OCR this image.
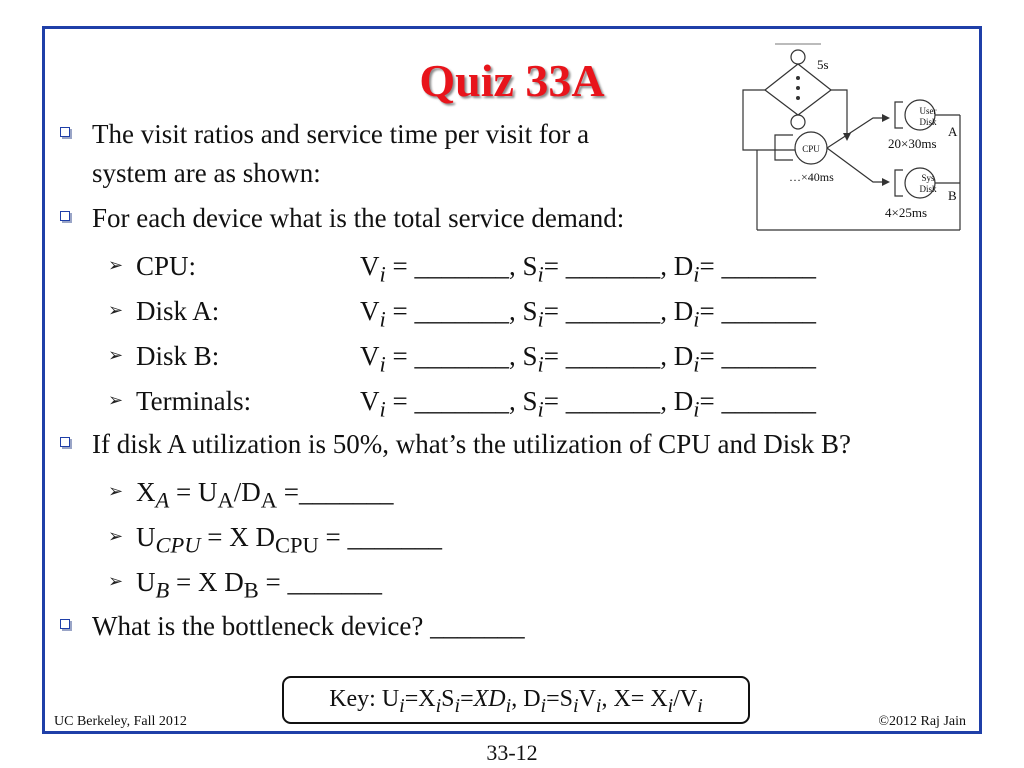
Quiz 33A	5s
CPU
…×40ms
User
Disk
A
20×30ms
Sys
Disk B
4×25ms
The visit ratios and service time per visit for a
system are as shown:
For each device what is the total service demand:
➢ CPU:	$V_i$ = _______, $S_i=$ _______, $D_i=$ _______
➢ Disk A:	$V_i$ = _______, $S_i=$ _______, $D_i=$ _______
➢ Disk B:	$V_i$ = _______, $S_i=$ _______, $D_i=$ _______
➢ Terminals:	$V_i$ = _______, $S_i=$ _______, $D_i=$ _______
If disk A utilization is 50%, what’s the utilization of CPU and Disk B?
➢ $X_A = U_A/D_A$ =_______
➢ $U_{CPU} = X$ $D_{CPU}$ = _______
➢ $U_B = X$ $D_B$ = _______
What is the bottleneck device? _______
Key: $U_i=X_iS_i=XD_i$, $D_i=S_iV_i$, $X= X_i/V_i$
UC Berkeley, Fall 2012	©2012 Raj Jain
33-12
